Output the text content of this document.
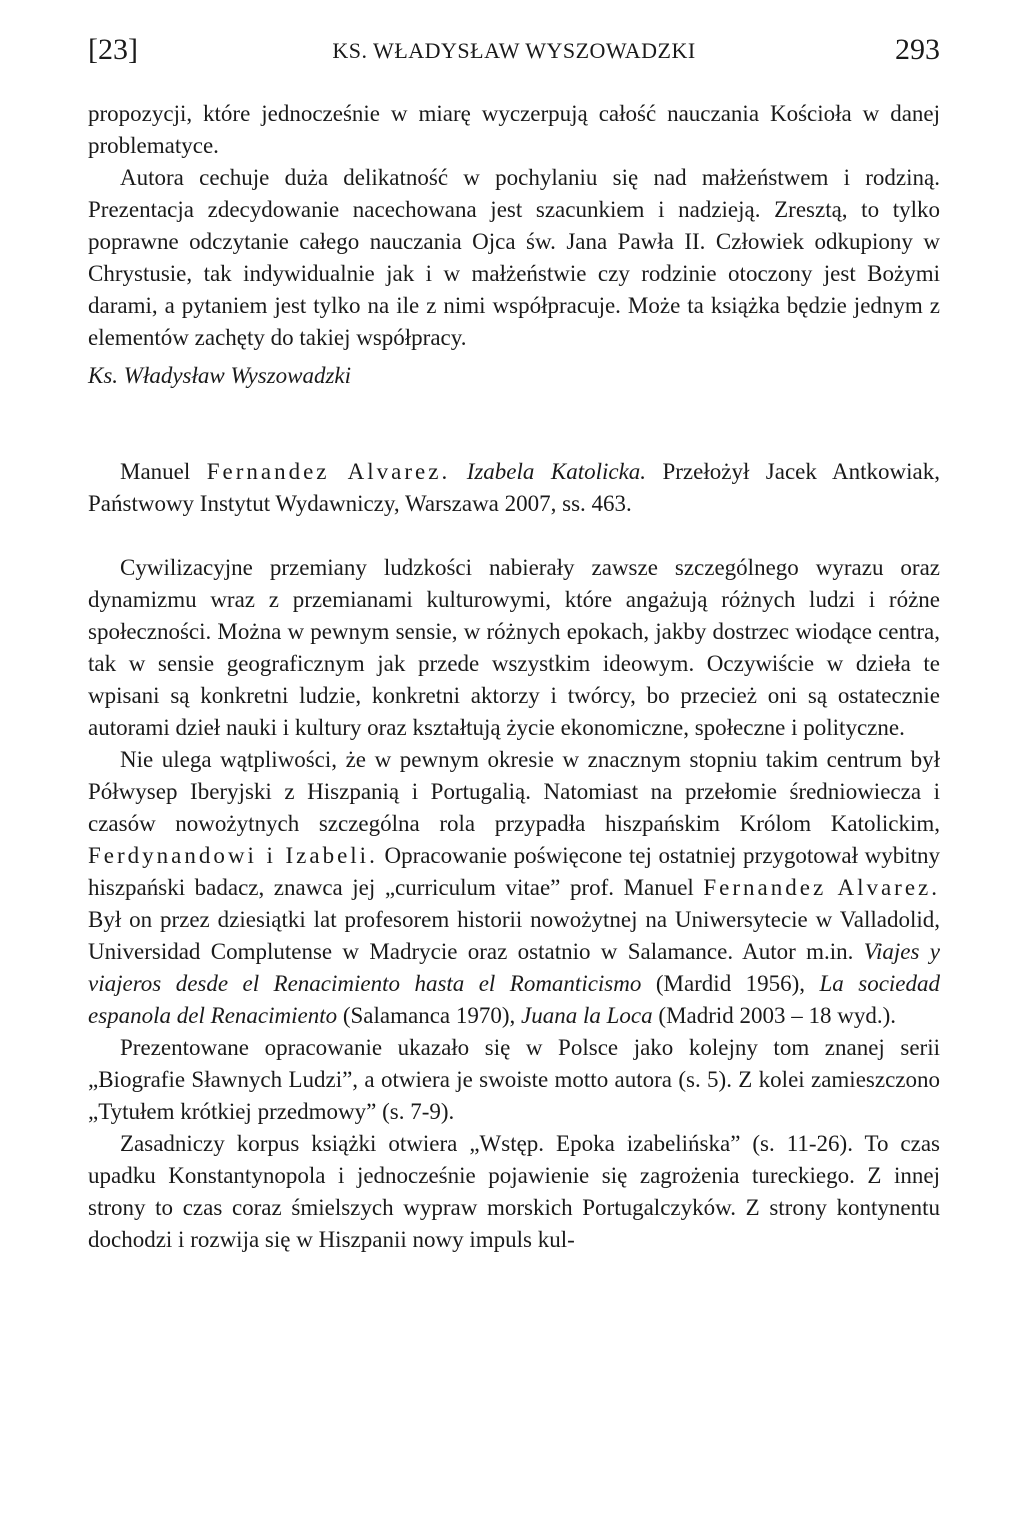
[23]	KS. WŁADYSŁAW WYSZOWADZKI	293

propozycji, które jednocześnie w miarę wyczerpują całość nauczania Kościoła w danej problematyce.

Autora cechuje duża delikatność w pochylaniu się nad małżeństwem i rodziną. Prezentacja zdecydowanie nacechowana jest szacunkiem i nadzieją. Zresztą, to tylko poprawne odczytanie całego nauczania Ojca św. Jana Pawła II. Człowiek odkupiony w Chrystusie, tak indywidualnie jak i w małżeństwie czy rodzinie otoczony jest Bożymi darami, a pytaniem jest tylko na ile z nimi współpracuje. Może ta książka będzie jednym z elementów zachęty do takiej współpracy.

Ks. Władysław Wyszowadzki

Manuel Fernandez Alvarez. Izabela Katolicka. Przełożył Jacek Antkowiak, Państwowy Instytut Wydawniczy, Warszawa 2007, ss. 463.

Cywilizacyjne przemiany ludzkości nabierały zawsze szczególnego wyrazu oraz dynamizmu wraz z przemianami kulturowymi, które angażują różnych ludzi i różne społeczności. Można w pewnym sensie, w różnych epokach, jakby dostrzec wiodące centra, tak w sensie geograficznym jak przede wszystkim ideowym. Oczywiście w dzieła te wpisani są konkretni ludzie, konkretni aktorzy i twórcy, bo przecież oni są ostatecznie autorami dzieł nauki i kultury oraz kształtują życie ekonomiczne, społeczne i polityczne.

Nie ulega wątpliwości, że w pewnym okresie w znacznym stopniu takim centrum był Półwysep Iberyjski z Hiszpanią i Portugalią. Natomiast na przełomie średniowiecza i czasów nowożytnych szczególna rola przypadła hiszpańskim Królom Katolickim, Ferdynandowi i Izabeli. Opracowanie poświęcone tej ostatniej przygotował wybitny hiszpański badacz, znawca jej „curriculum vitae” prof. Manuel Fernandez Alvarez. Był on przez dziesiątki lat profesorem historii nowożytnej na Uniwersytecie w Valladolid, Universidad Complutense w Madrycie oraz ostatnio w Salamance. Autor m.in. Viajes y viajeros desde el Renacimiento hasta el Romanticismo (Mardid 1956), La sociedad espanola del Renacimiento (Salamanca 1970), Juana la Loca (Madrid 2003 – 18 wyd.).

Prezentowane opracowanie ukazało się w Polsce jako kolejny tom znanej serii „Biografie Sławnych Ludzi”, a otwiera je swoiste motto autora (s. 5). Z kolei zamieszczono „Tytułem krótkiej przedmowy” (s. 7-9).

Zasadniczy korpus książki otwiera „Wstęp. Epoka izabelińska” (s. 11-26). To czas upadku Konstantynopola i jednocześnie pojawienie się zagrożenia tureckiego. Z innej strony to czas coraz śmielszych wypraw morskich Portugalczyków. Z strony kontynentu dochodzi i rozwija się w Hiszpanii nowy impuls kul-
